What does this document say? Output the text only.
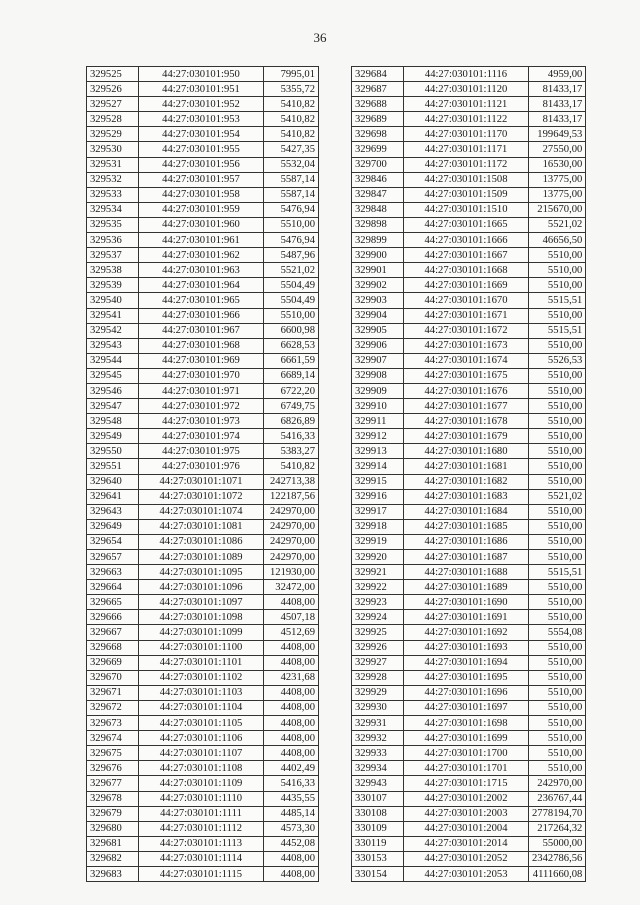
36
329525	44:27:030101:950	7995,01
329526	44:27:030101:951	5355,72
329527	44:27:030101:952	5410,82
329528	44:27:030101:953	5410,82
329529	44:27:030101:954	5410,82
329530	44:27:030101:955	5427,35
329531	44:27:030101:956	5532,04
329532	44:27:030101:957	5587,14
329533	44:27:030101:958	5587,14
329534	44:27:030101:959	5476,94
329535	44:27:030101:960	5510,00
329536	44:27:030101:961	5476,94
329537	44:27:030101:962	5487,96
329538	44:27:030101:963	5521,02
329539	44:27:030101:964	5504,49
329540	44:27:030101:965	5504,49
329541	44:27:030101:966	5510,00
329542	44:27:030101:967	6600,98
329543	44:27:030101:968	6628,53
329544	44:27:030101:969	6661,59
329545	44:27:030101:970	6689,14
329546	44:27:030101:971	6722,20
329547	44:27:030101:972	6749,75
329548	44:27:030101:973	6826,89
329549	44:27:030101:974	5416,33
329550	44:27:030101:975	5383,27
329551	44:27:030101:976	5410,82
329640	44:27:030101:1071	242713,38
329641	44:27:030101:1072	122187,56
329643	44:27:030101:1074	242970,00
329649	44:27:030101:1081	242970,00
329654	44:27:030101:1086	242970,00
329657	44:27:030101:1089	242970,00
329663	44:27:030101:1095	121930,00
329664	44:27:030101:1096	32472,00
329665	44:27:030101:1097	4408,00
329666	44:27:030101:1098	4507,18
329667	44:27:030101:1099	4512,69
329668	44:27:030101:1100	4408,00
329669	44:27:030101:1101	4408,00
329670	44:27:030101:1102	4231,68
329671	44:27:030101:1103	4408,00
329672	44:27:030101:1104	4408,00
329673	44:27:030101:1105	4408,00
329674	44:27:030101:1106	4408,00
329675	44:27:030101:1107	4408,00
329676	44:27:030101:1108	4402,49
329677	44:27:030101:1109	5416,33
329678	44:27:030101:1110	4435,55
329679	44:27:030101:1111	4485,14
329680	44:27:030101:1112	4573,30
329681	44:27:030101:1113	4452,08
329682	44:27:030101:1114	4408,00
329683	44:27:030101:1115	4408,00
329684	44:27:030101:1116	4959,00
329687	44:27:030101:1120	81433,17
329688	44:27:030101:1121	81433,17
329689	44:27:030101:1122	81433,17
329698	44:27:030101:1170	199649,53
329699	44:27:030101:1171	27550,00
329700	44:27:030101:1172	16530,00
329846	44:27:030101:1508	13775,00
329847	44:27:030101:1509	13775,00
329848	44:27:030101:1510	215670,00
329898	44:27:030101:1665	5521,02
329899	44:27:030101:1666	46656,50
329900	44:27:030101:1667	5510,00
329901	44:27:030101:1668	5510,00
329902	44:27:030101:1669	5510,00
329903	44:27:030101:1670	5515,51
329904	44:27:030101:1671	5510,00
329905	44:27:030101:1672	5515,51
329906	44:27:030101:1673	5510,00
329907	44:27:030101:1674	5526,53
329908	44:27:030101:1675	5510,00
329909	44:27:030101:1676	5510,00
329910	44:27:030101:1677	5510,00
329911	44:27:030101:1678	5510,00
329912	44:27:030101:1679	5510,00
329913	44:27:030101:1680	5510,00
329914	44:27:030101:1681	5510,00
329915	44:27:030101:1682	5510,00
329916	44:27:030101:1683	5521,02
329917	44:27:030101:1684	5510,00
329918	44:27:030101:1685	5510,00
329919	44:27:030101:1686	5510,00
329920	44:27:030101:1687	5510,00
329921	44:27:030101:1688	5515,51
329922	44:27:030101:1689	5510,00
329923	44:27:030101:1690	5510,00
329924	44:27:030101:1691	5510,00
329925	44:27:030101:1692	5554,08
329926	44:27:030101:1693	5510,00
329927	44:27:030101:1694	5510,00
329928	44:27:030101:1695	5510,00
329929	44:27:030101:1696	5510,00
329930	44:27:030101:1697	5510,00
329931	44:27:030101:1698	5510,00
329932	44:27:030101:1699	5510,00
329933	44:27:030101:1700	5510,00
329934	44:27:030101:1701	5510,00
329943	44:27:030101:1715	242970,00
330107	44:27:030101:2002	236767,44
330108	44:27:030101:2003	2778194,70
330109	44:27:030101:2004	217264,32
330119	44:27:030101:2014	55000,00
330153	44:27:030101:2052	2342786,56
330154	44:27:030101:2053	4111660,08
